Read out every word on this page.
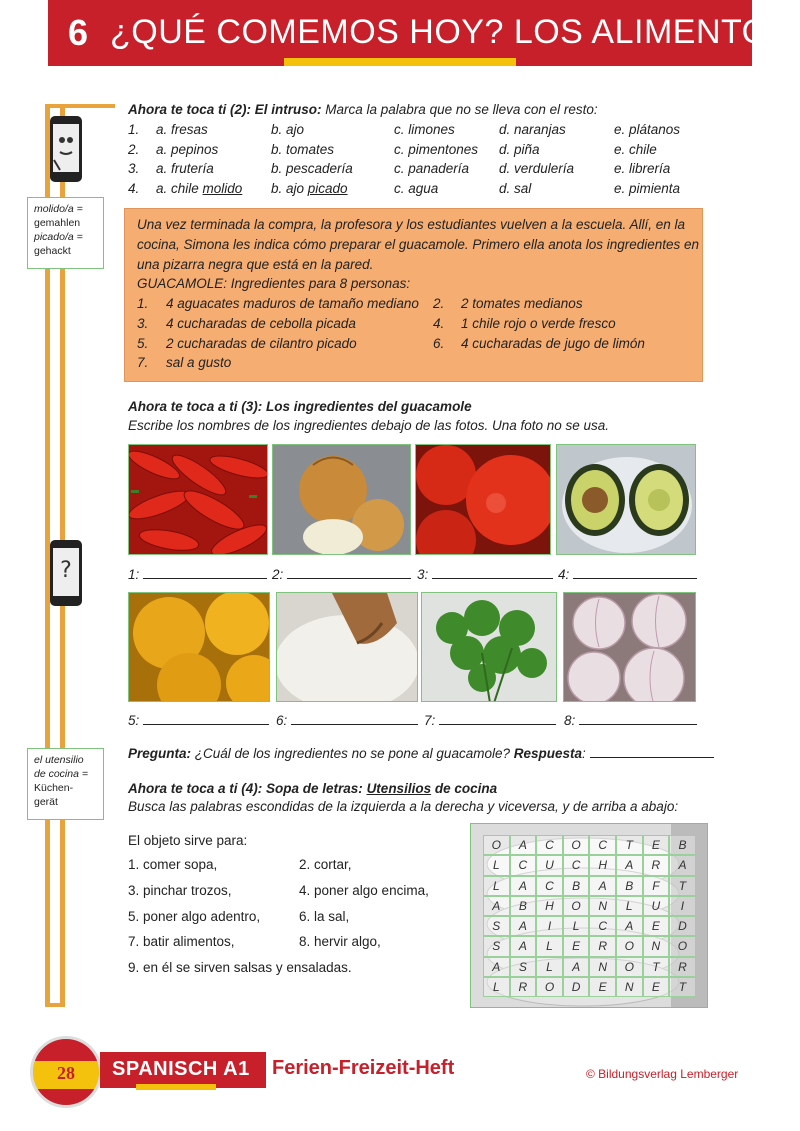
6 ¿QUÉ COMEMOS HOY? LOS ALIMENTOS
?
molido/a =
gemahlen
picado/a =
gehackt
el utensilio
de cocina =
Küchen-
gerät
Ahora te toca ti (2): El intruso: Marca la palabra que no se lleva con el resto:
1. a. fresas	b. ajo	c. limones	d. naranjas	e. plátanos
2. a. pepinos	b. tomates	c. pimentones d. piña	e. chile
3. a. frutería	b. pescadería	c. panadería d. verdulería	e. librería
4. a. chile molido b. ajo picado	c. agua	d. sal	e. pimienta
Una vez terminada la compra, la profesora y los estudiantes vuelven a la escuela. Allí, en la
cocina, Simona les indica cómo preparar el guacamole. Primero ella anota los ingredientes en
una pizarra negra que está en la pared.
GUACAMOLE: Ingredientes para 8 personas:
1. 4 aguacates maduros de tamaño mediano 2. 2 tomates medianos
3. 4 cucharadas de cebolla picada	4. 1 chile rojo o verde fresco
5. 2 cucharadas de cilantro picado	6. 4 cucharadas de jugo de limón
7. sal a gusto
Ahora te toca a ti (3): Los ingredientes del guacamole
Escribe los nombres de los ingredientes debajo de las fotos. Una foto no se usa.
1:	2:	3:	4:
5:	6:	7:	8:
Pregunta: ¿Cuál de los ingredientes no se pone al guacamole? Respuesta:
Ahora te toca a ti (4): Sopa de letras: Utensilios de cocina
Busca las palabras escondidas de la izquierda a la derecha y viceversa, y de arriba a abajo:
El objeto sirve para:
1. comer sopa,	2. cortar,
3. pinchar trozos,	4. poner algo encima,
5. poner algo adentro,	6. la sal,
7. batir alimentos,	8. hervir algo,
9. en él se sirven salsas y ensaladas.
O	A	C	O	C	T	E	B
L	C	U	C	H	A	R	A
L	A	C	B	A	B	F	T
A	B	H	O	N	L	U	I
S	A	I	L	C	A	E	D
S	A	L	E	R	O	N	O
A	S	L	A	N	O	T	R
L	R	O	D	E	N	E	T
28	SPANISCH A1 Ferien-Freizeit-Heft	© Bildungsverlag Lemberger
